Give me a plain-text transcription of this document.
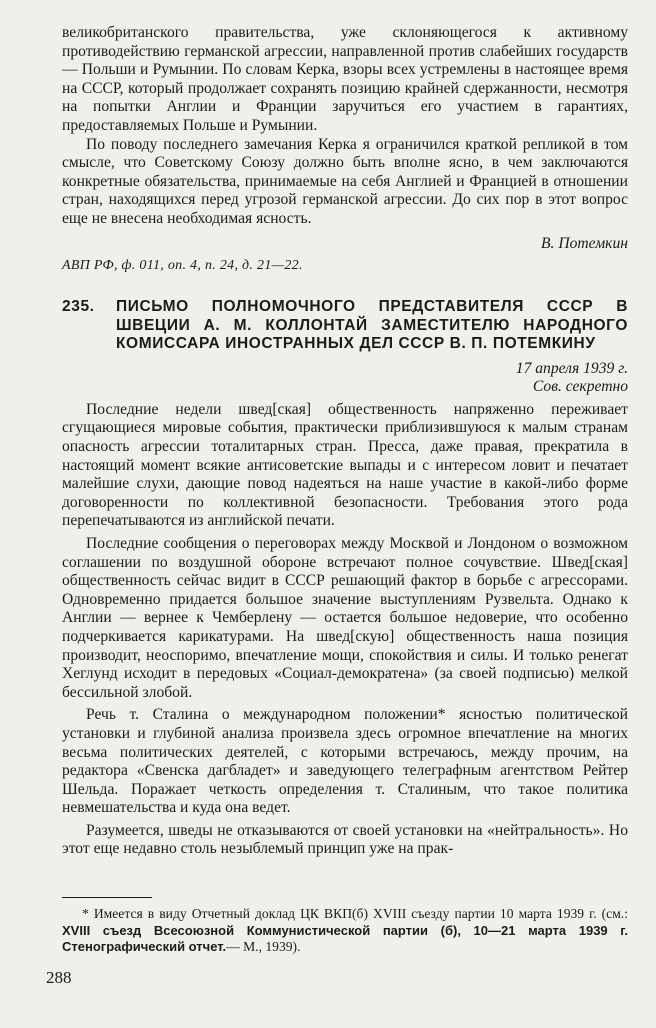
великобританского правительства, уже склоняющегося к активному противодействию германской агрессии, направленной против слабейших государств — Польши и Румынии. По словам Керка, взоры всех устремлены в настоящее время на СССР, который продолжает сохранять позицию крайней сдержанности, несмотря на попытки Англии и Франции заручиться его участием в гарантиях, предоставляемых Польше и Румынии.

По поводу последнего замечания Керка я ограничился краткой репликой в том смысле, что Советскому Союзу должно быть вполне ясно, в чем заключаются конкретные обязательства, принимаемые на себя Англией и Францией в отношении стран, находящихся перед угрозой германской агрессии. До сих пор в этот вопрос еще не внесена необходимая ясность.

В. Потемкин
АВП РФ, ф. 011, оп. 4, п. 24, д. 21—22.
235.	ПИСЬМО ПОЛНОМОЧНОГО ПРЕДСТАВИТЕЛЯ СССР В ШВЕЦИИ А. М. КОЛЛОНТАЙ ЗАМЕСТИТЕЛЮ НАРОДНОГО КОМИССАРА ИНОСТРАННЫХ ДЕЛ СССР В. П. ПОТЕМКИНУ
17 апреля 1939 г.
Сов. секретно

Последние недели швед[ская] общественность напряженно переживает сгущающиеся мировые события, практически приблизившуюся к малым странам опасность агрессии тоталитарных стран. Пресса, даже правая, прекратила в настоящий момент всякие антисоветские выпады и с интересом ловит и печатает малейшие слухи, дающие повод надеяться на наше участие в какой-либо форме договоренности по коллективной безопасности. Требования этого рода перепечатываются из английской печати.

Последние сообщения о переговорах между Москвой и Лондоном о возможном соглашении по воздушной обороне встречают полное сочувствие. Швед[ская] общественность сейчас видит в СССР решающий фактор в борьбе с агрессорами. Одновременно придается большое значение выступлениям Рузвельта. Однако к Англии — вернее к Чемберлену — остается большое недоверие, что особенно подчеркивается карикатурами. На швед[скую] общественность наша позиция производит, неоспоримо, впечатление мощи, спокойствия и силы. И только ренегат Хеглунд исходит в передовых «Социал-демократена» (за своей подписью) мелкой бессильной злобой.

Речь т. Сталина о международном положении* ясностью политической установки и глубиной анализа произвела здесь огромное впечатление на многих весьма политических деятелей, с которыми встречаюсь, между прочим, на редактора «Свенска дагбладет» и заведующего телеграфным агентством Рейтер Шельда. Поражает четкость определения т. Сталиным, что такое политика невмешательства и куда она ведет.

Разумеется, шведы не отказываются от своей установки на «нейтральность». Но этот еще недавно столь незыблемый принцип уже на прак-

* Имеется в виду Отчетный доклад ЦК ВКП(б) XVIII съезду партии 10 марта 1939 г. (см.: XVIII съезд Всесоюзной Коммунистической партии (б), 10—21 марта 1939 г. Стенографический отчет.— М., 1939).
288
